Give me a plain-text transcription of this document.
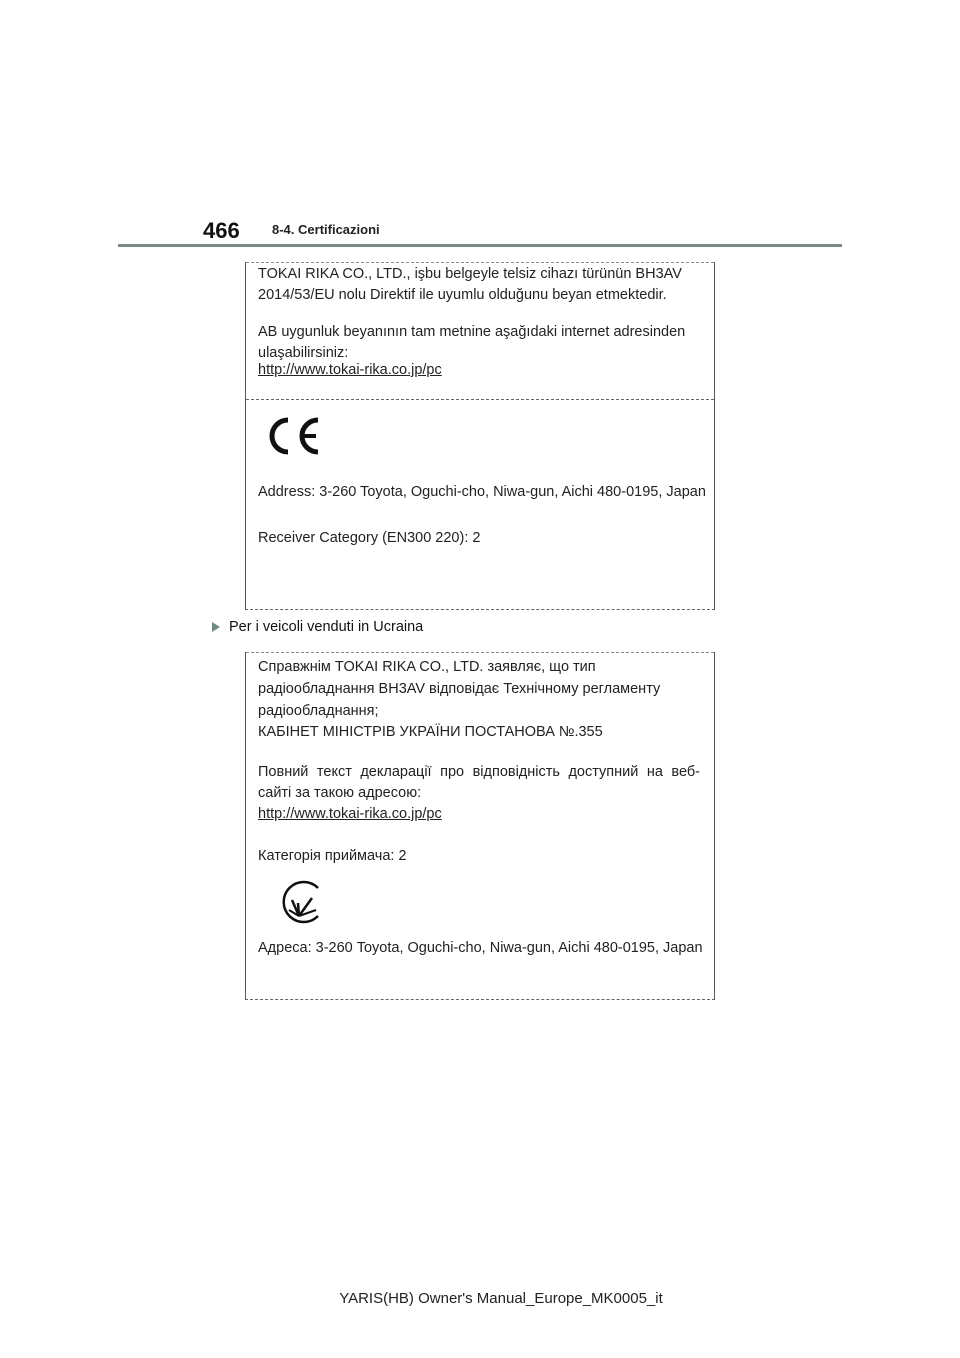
466 8-4. Certificazioni

TOKAI RIKA CO., LTD., işbu belgeyle telsiz cihazı türünün BH3AV 2014/53/EU nolu Direktif ile uyumlu olduğunu beyan etmektedir.

AB uygunluk beyanının tam metnine aşağıdaki internet adresinden ulaşabilirsiniz:

http://www.tokai-rika.co.jp/pc

Address: 3-260 Toyota, Oguchi-cho, Niwa-gun, Aichi 480-0195, Japan

Receiver Category (EN300 220): 2

Per i veicoli venduti in Ucraina

Справжнім TOKAI RIKA CO., LTD. заявляє, що тип радіообладнання BH3AV відповідає Технічному регламенту радіообладнання;

КАБІНЕТ МІНІСТРІВ УКРАЇНИ ПОСТАНОВА №.355

Повний текст декларації про відповідність доступний на веб-сайті за такою адресою:

http://www.tokai-rika.co.jp/pc

Категорія приймача: 2

Адреса: 3-260 Toyota, Oguchi-cho, Niwa-gun, Aichi 480-0195, Japan

YARIS(HB) Owner's Manual_Europe_MK0005_it
